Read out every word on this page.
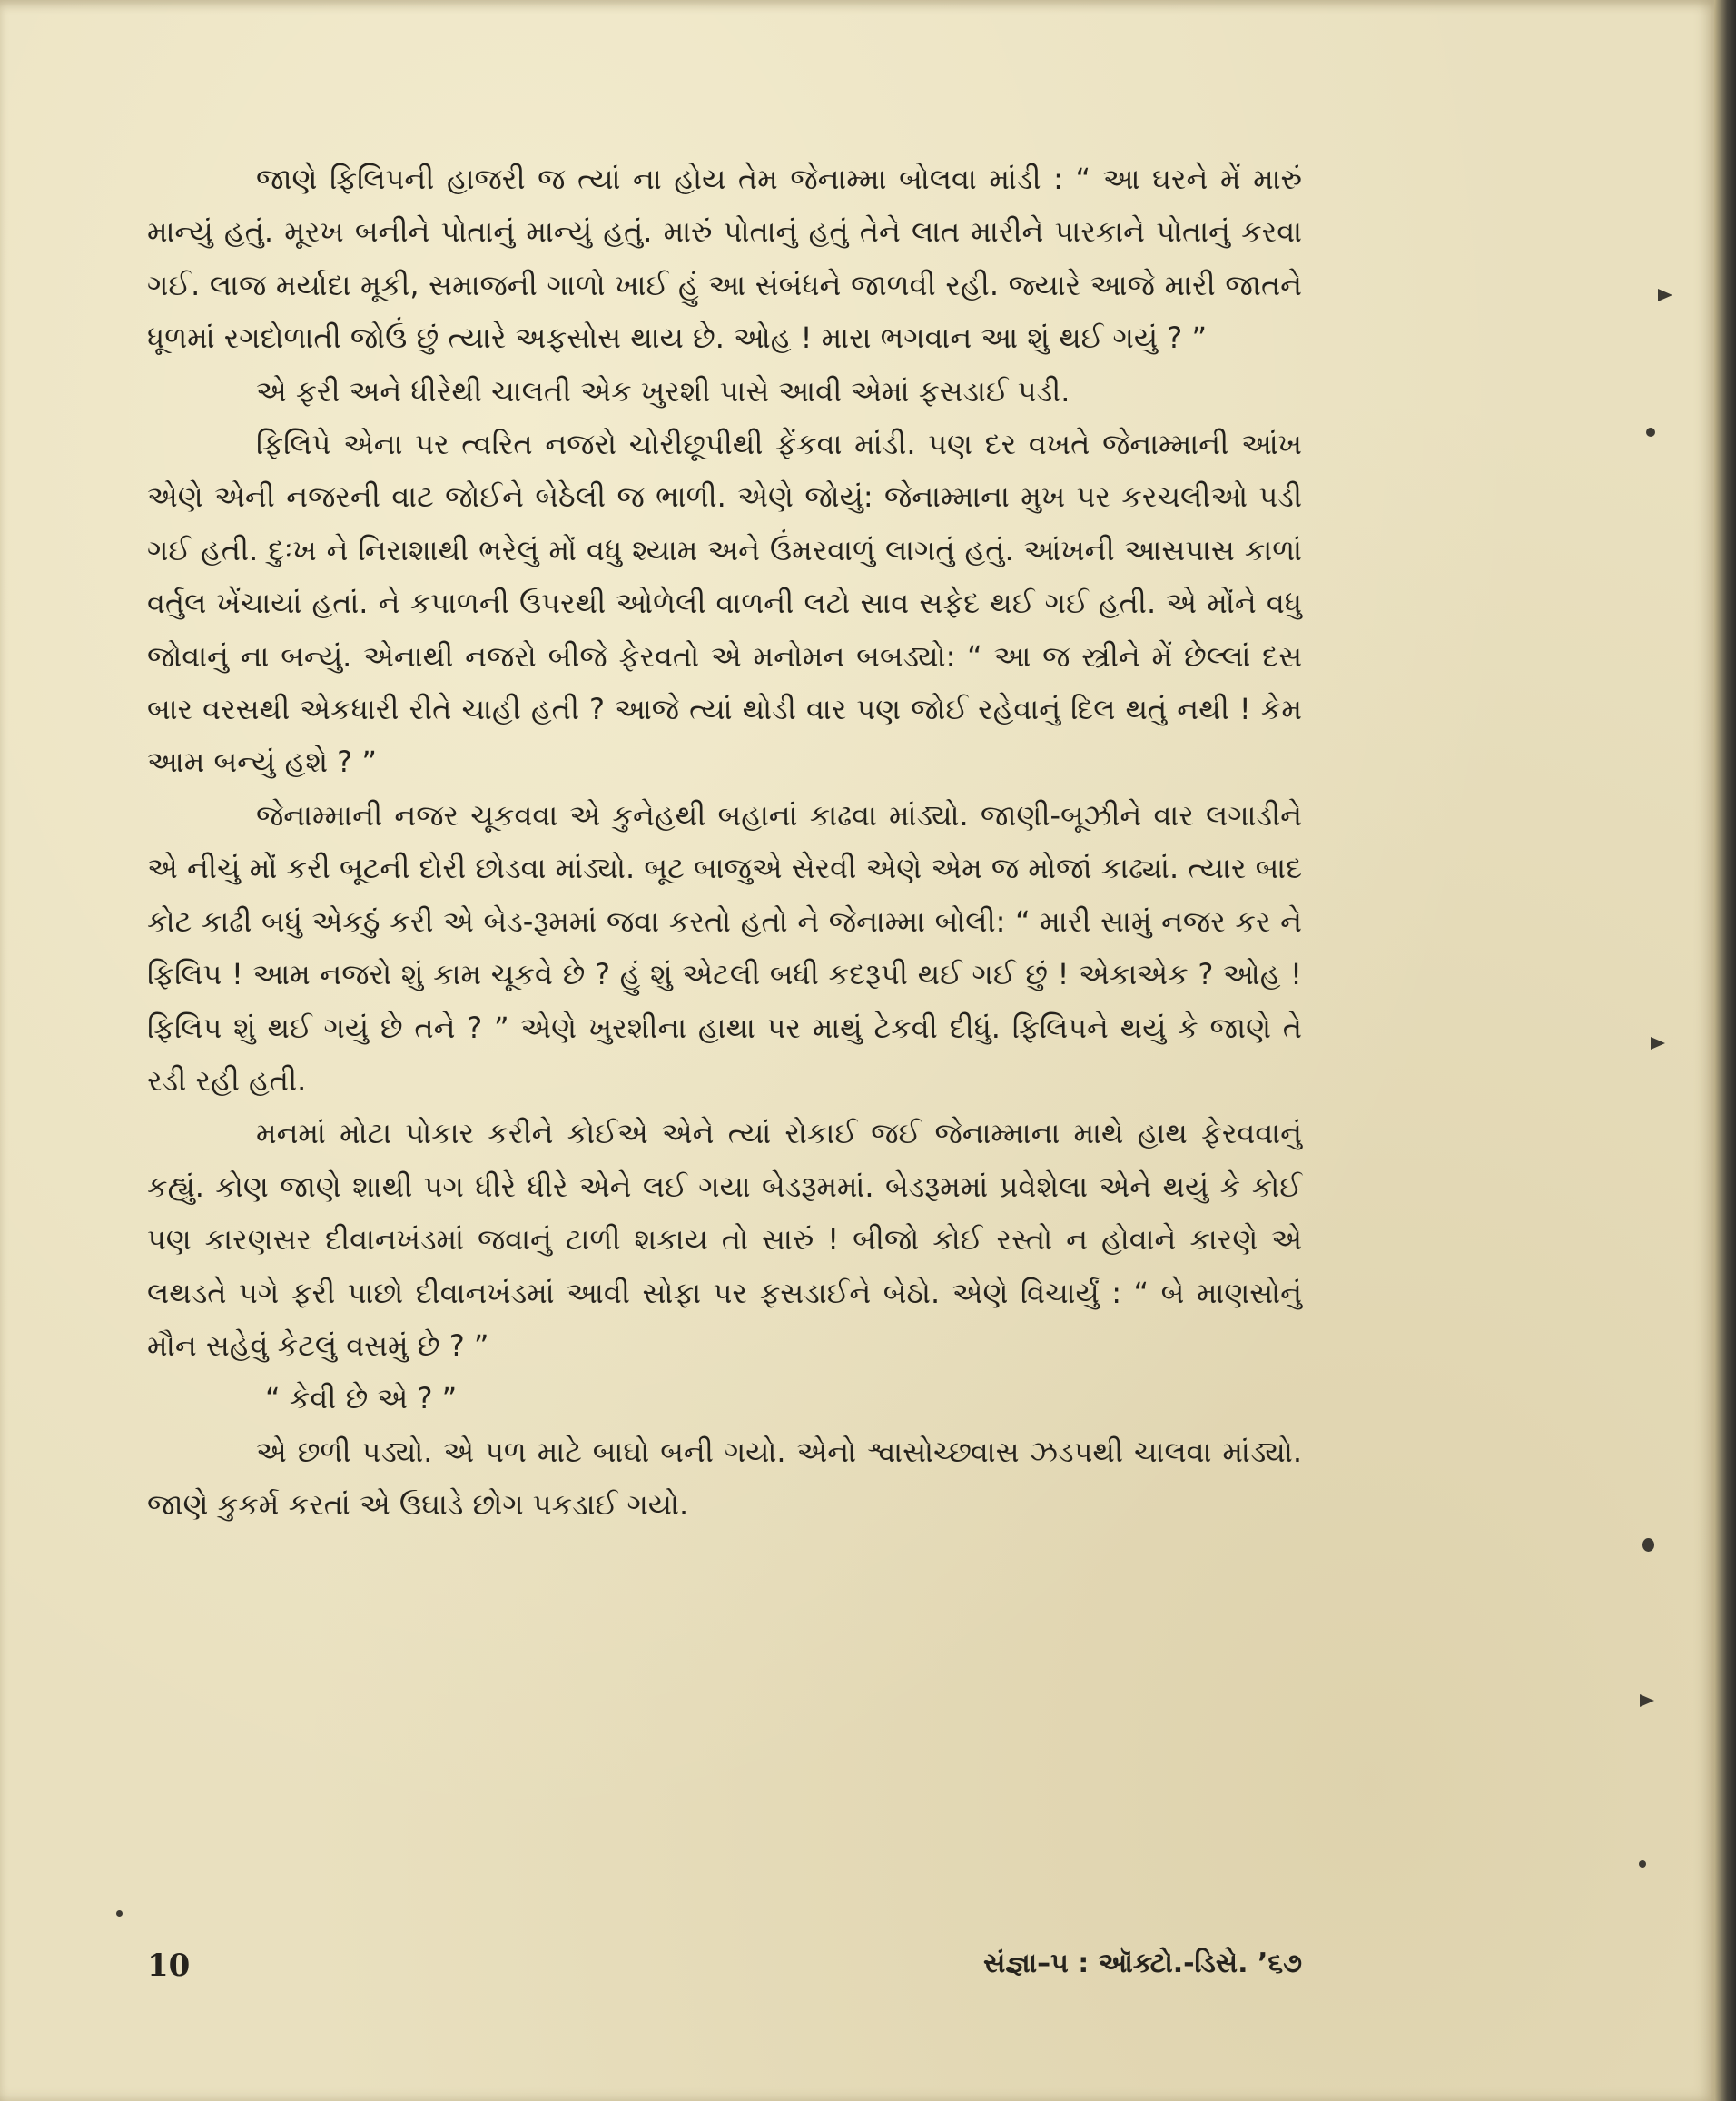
જાણે ફિલિપની હાજરી જ ત્યાં ના હોય તેમ જેનામ્મા બોલવા માંડી : “ આ ઘરને મેં મારું માન્યું હતું. મૂરખ બનીને પોતાનું માન્યું હતું. મારું પોતાનું હતું તેને લાત મારીને પારકાને પોતાનું કરવા ગઈ. લાજ મર્યાદા મૂકી, સમાજની ગાળો ખાઈ હું આ સંબંધને જાળવી રહી. જ્યારે આજે મારી જાતને ધૂળમાં રગદોળાતી જોઉં છું ત્યારે અફસોસ થાય છે. ઓહ ! મારા ભગવાન આ શું થઈ ગયું ? ”

એ ફરી અને ધીરેથી ચાલતી એક ખુરશી પાસે આવી એમાં ફસડાઈ પડી.

ફિલિપે એના પર ત્વરિત નજરો ચોરીછૂપીથી ફેંકવા માંડી. પણ દર વખતે જેનામ્માની આંખ એણે એની નજરની વાટ જોઈને બેઠેલી જ ભાળી. એણે જોયું: જેનામ્માના મુખ પર કરચલીઓ પડી ગઈ હતી. દુઃખ ને નિરાશાથી ભરેલું મોં વધુ શ્યામ અને ઉંમરવાળું લાગતું હતું. આંખની આસપાસ કાળાં વર્તુલ ખેંચાયાં હતાં. ને કપાળની ઉપરથી ઓળેલી વાળની લટો સાવ સફેદ થઈ ગઈ હતી. એ મોંને વધુ જોવાનું ના બન્યું. એનાથી નજરો બીજે ફેરવતો એ મનોમન બબડ્યો: “ આ જ સ્ત્રીને મેં છેલ્લાં દસ બાર વરસથી એકધારી રીતે ચાહી હતી ? આજે ત્યાં થોડી વાર પણ જોઈ રહેવાનું દિલ થતું નથી ! કેમ આમ બન્યું હશે ? ”

જેનામ્માની નજર ચૂકવવા એ કુનેહથી બહાનાં કાઢવા માંડ્યો. જાણી-બૂઝીને વાર લગાડીને એ નીચું મોં કરી બૂટની દોરી છોડવા માંડ્યો. બૂટ બાજુએ સેરવી એણે એમ જ મોજાં કાઢ્યાં. ત્યાર બાદ કોટ કાઢી બધું એકઠું કરી એ બેડ-રૂમમાં જવા કરતો હતો ને જેનામ્મા બોલી: “ મારી સામું નજર કર ને ફિલિપ ! આમ નજરો શું કામ ચૂકવે છે ? હું શું એટલી બધી કદરૂપી થઈ ગઈ છું ! એકાએક ? ઓહ ! ફિલિપ શું થઈ ગયું છે તને ? ” એણે ખુરશીના હાથા પર માથું ટેકવી દીધું. ફિલિપને થયું કે જાણે તે રડી રહી હતી.

મનમાં મોટા પોકાર કરીને કોઈએ એને ત્યાં રોકાઈ જઈ જેનામ્માના માથે હાથ ફેરવવાનું કહ્યું. કોણ જાણે શાથી પગ ધીરે ધીરે એને લઈ ગયા બેડરૂમમાં. બેડરૂમમાં પ્રવેશેલા એને થયું કે કોઈ પણ કારણસર દીવાનખંડમાં જવાનું ટાળી શકાય તો સારું ! બીજો કોઈ રસ્તો ન હોવાને કારણે એ લથડતે પગે ફરી પાછો દીવાનખંડમાં આવી સોફા પર ફસડાઈને બેઠો. એણે વિચાર્યું : “ બે માણસોનું મૌન સહેવું કેટલું વસમું છે ? ”

“ કેવી છે એ ? ”

એ છળી પડ્યો. એ પળ માટે બાઘો બની ગયો. એનો શ્વાસોચ્છ્વાસ ઝડપથી ચાલવા માંડ્યો. જાણે કુકર્મ કરતાં એ ઉઘાડે છોગ પકડાઈ ગયો.

10	સંજ્ઞા–૫ : ઑક્ટો.-ડિસે. ’૬૭
